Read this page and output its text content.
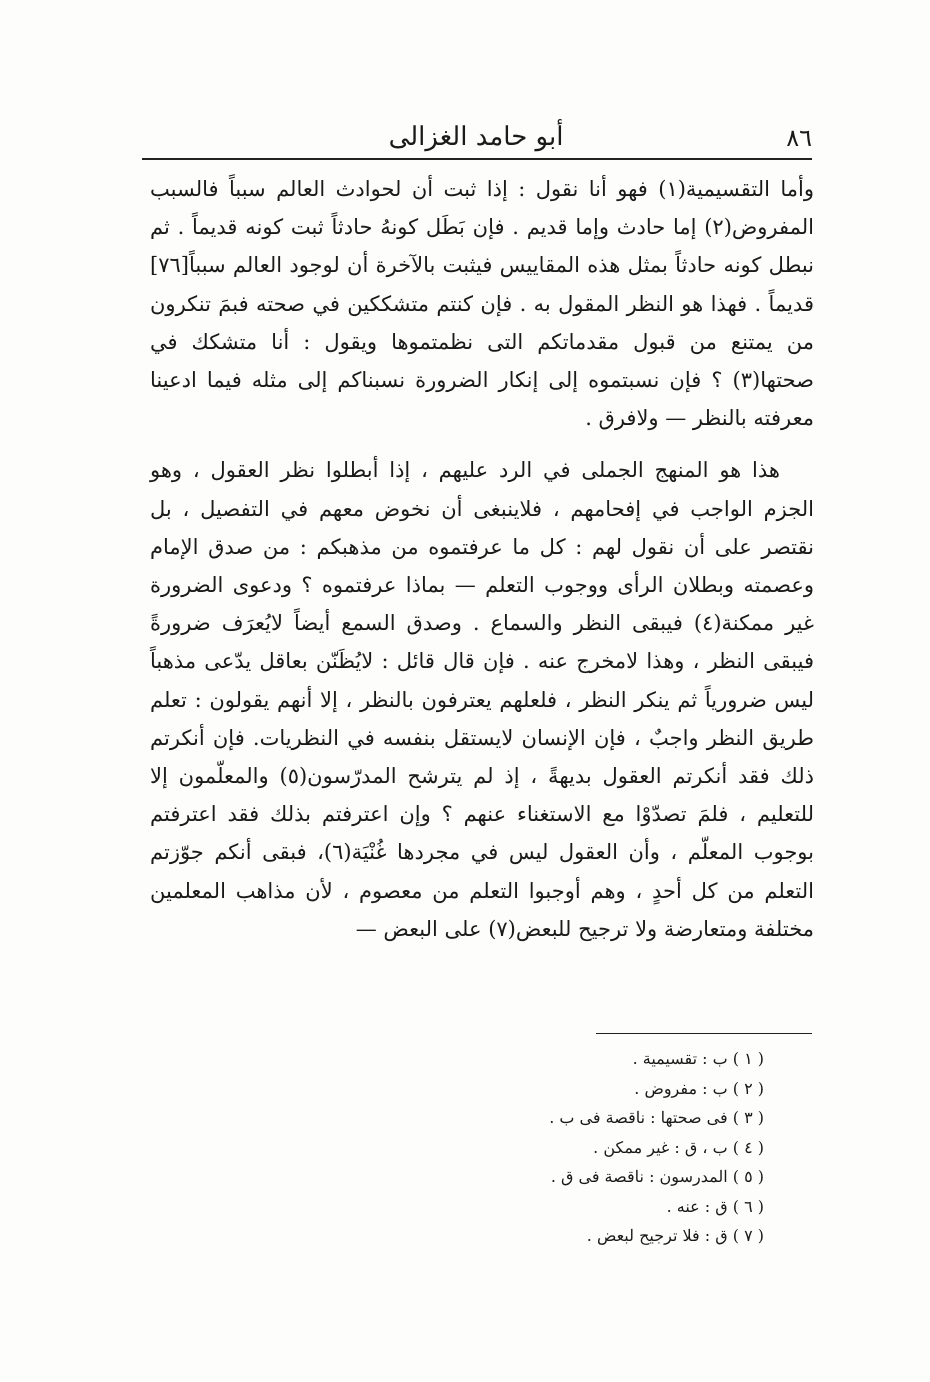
٨٦
أبو حامد الغزالى

وأما التقسيمية(١) فهو أنا نقول : إذا ثبت أن لحوادث العالم سبباً فالسبب المفروض(٢) إما حادث وإما قديم . فإن بَطَل كونهُ حادثاً ثبت كونه قديماً . ثم نبطل كونه حادثاً بمثل هذه المقاييس فيثبت بالآخرة أن لوجود العالم سبباً[٧٦] قديماً . فهذا هو النظر المقول به . فإن كنتم متشككين في صحته فبمَ تنكرون من يمتنع من قبول مقدماتكم التى نظمتموها ويقول : أنا متشكك في صحتها(٣) ؟ فإن نسبتموه إلى إنكار الضرورة نسبناكم إلى مثله فيما ادعينا معرفته بالنظر — ولافرق .

هذا هو المنهج الجملى في الرد عليهم ، إذا أبطلوا نظر العقول ، وهو الجزم الواجب في إفحامهم ، فلاينبغى أن نخوض معهم في التفصيل ، بل نقتصر على أن نقول لهم : كل ما عرفتموه من مذهبكم : من صدق الإمام وعصمته وبطلان الرأى ووجوب التعلم — بماذا عرفتموه ؟ ودعوى الضرورة غير ممكنة(٤) فيبقى النظر والسماع . وصدق السمع أيضاً لايُعرَف ضرورةً فيبقى النظر ، وهذا لامخرج عنه . فإن قال قائل : لايُظَنّن بعاقل يدّعى مذهباً ليس ضرورياً ثم ينكر النظر ، فلعلهم يعترفون بالنظر ، إلا أنهم يقولون : تعلم طريق النظر واجبٌ ، فإن الإنسان لايستقل بنفسه في النظريات. فإن أنكرتم ذلك فقد أنكرتم العقول بديهةً ، إذ لم يترشح المدرّسون(٥) والمعلّمون إلا للتعليم ، فلمَ تصدّوْا مع الاستغناء عنهم ؟ وإن اعترفتم بذلك فقد اعترفتم بوجوب المعلّم ، وأن العقول ليس في مجردها غُنْيَة(٦)، فبقى أنكم جوّزتم التعلم من كل أحدٍ ، وهم أوجبوا التعلم من معصوم ، لأن مذاهب المعلمين مختلفة ومتعارضة ولا ترجيح للبعض(٧) على البعض —

( ١ ) ب : تقسيمية .
( ٢ ) ب : مفروض .
( ٣ ) فى صحتها : ناقصة فى ب .
( ٤ ) ب ، ق : غير ممكن .
( ٥ ) المدرسون : ناقصة فى ق .
( ٦ ) ق : عنه .
( ٧ ) ق : فلا ترجيح لبعض .
